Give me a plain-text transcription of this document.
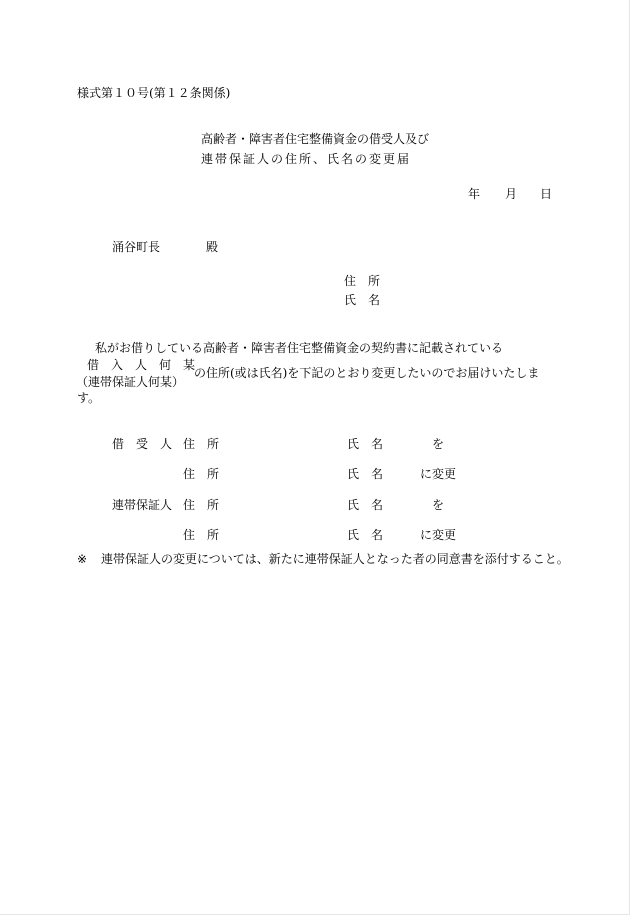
様式第１０号(第１２条関係)
高齢者・障害者住宅整備資金の借受人及び
連帯保証人の住所、氏名の変更届
年 月 日
涌谷町長	殿
住　所
氏　名
私がお借りしている高齢者・障害者住宅整備資金の契約書に記載されている
借　入　人　何　某
（連帯保証人何某）
の住所(或は氏名)を下記のとおり変更したいのでお届けいたしま
す。
借　受　人 住　所	氏　名	を
住　所	氏　名	に変更
連帯保証人 住　所	氏　名	を
住　所	氏　名	に変更
※ 連帯保証人の変更については、新たに連帯保証人となった者の同意書を添付すること。
